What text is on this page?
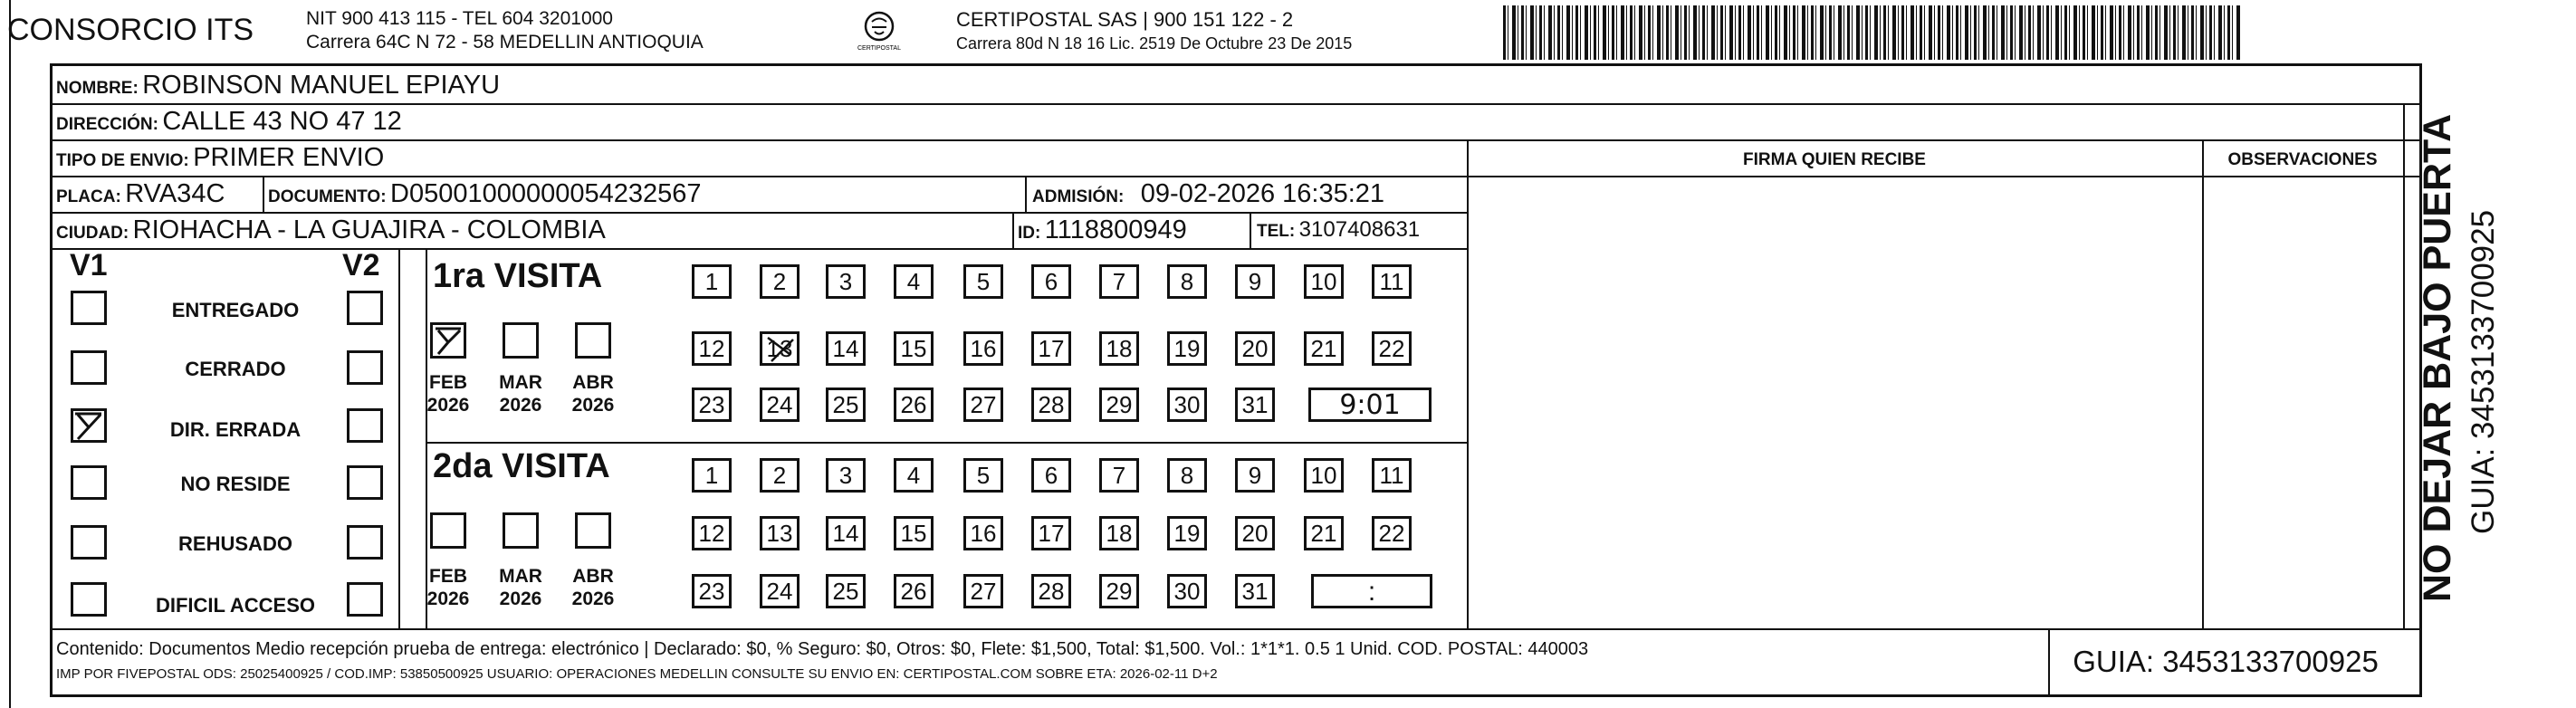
CONSORCIO ITS	NIT 900 413 115 - TEL 604 3201000
Carrera 64C N 72 - 58 MEDELLIN ANTIOQUIA	CERTIPOSTAL
CERTIPOSTAL SAS | 900 151 122 - 2
Carrera 80d N 18 16 Lic. 2519 De Octubre 23 De 2015
NOMBRE: ROBINSON MANUEL EPIAYU
DIRECCIÓN: CALLE 43 NO 47 12
TIPO DE ENVIO: PRIMER ENVIO	FIRMA QUIEN RECIBE	OBSERVACIONES
PLACA: RVA34C	DOCUMENTO: D05001000000054232567	ADMISIÓN: 09-02-2026 16:35:21
CIUDAD: RIOHACHA - LA GUAJIRA - COLOMBIA	ID: 1118800949	TEL: 3107408631
V1	V2
ENTREGADO
CERRADO
DIR. ERRADA
NO RESIDE
REHUSADO
DIFICIL ACCESO
1ra VISITA
FEB
2026
MAR
2026
ABR
2026
1	2	3	4	5	6	7	8	9	10	11
12 13 14 15 16 17 18 19 20 21 22
23 24 25 26 27 28 29 30 31	9:01
2da VISITA
FEB
2026
MAR
2026
ABR
2026
1	2	3	4	5	6	7	8	9	10	11
12 13 14 15 16 17 18 19 20 21 22
23 24 25 26 27 28 29 30 31	:
Contenido: Documentos Medio recepción prueba de entrega: electrónico | Declarado: $0, % Seguro: $0, Otros: $0, Flete: $1,500, Total: $1,500. Vol.: 1*1*1. 0.5 1 Unid. COD. POSTAL: 440003
IMP POR FIVEPOSTAL ODS: 25025400925 / COD.IMP: 53850500925 USUARIO: OPERACIONES MEDELLIN CONSULTE SU ENVIO EN: CERTIPOSTAL.COM SOBRE ETA: 2026-02-11 D+2	GUIA: 3453133700925
NO DEJAR BAJO PUERTA GUIA: 3453133700925
